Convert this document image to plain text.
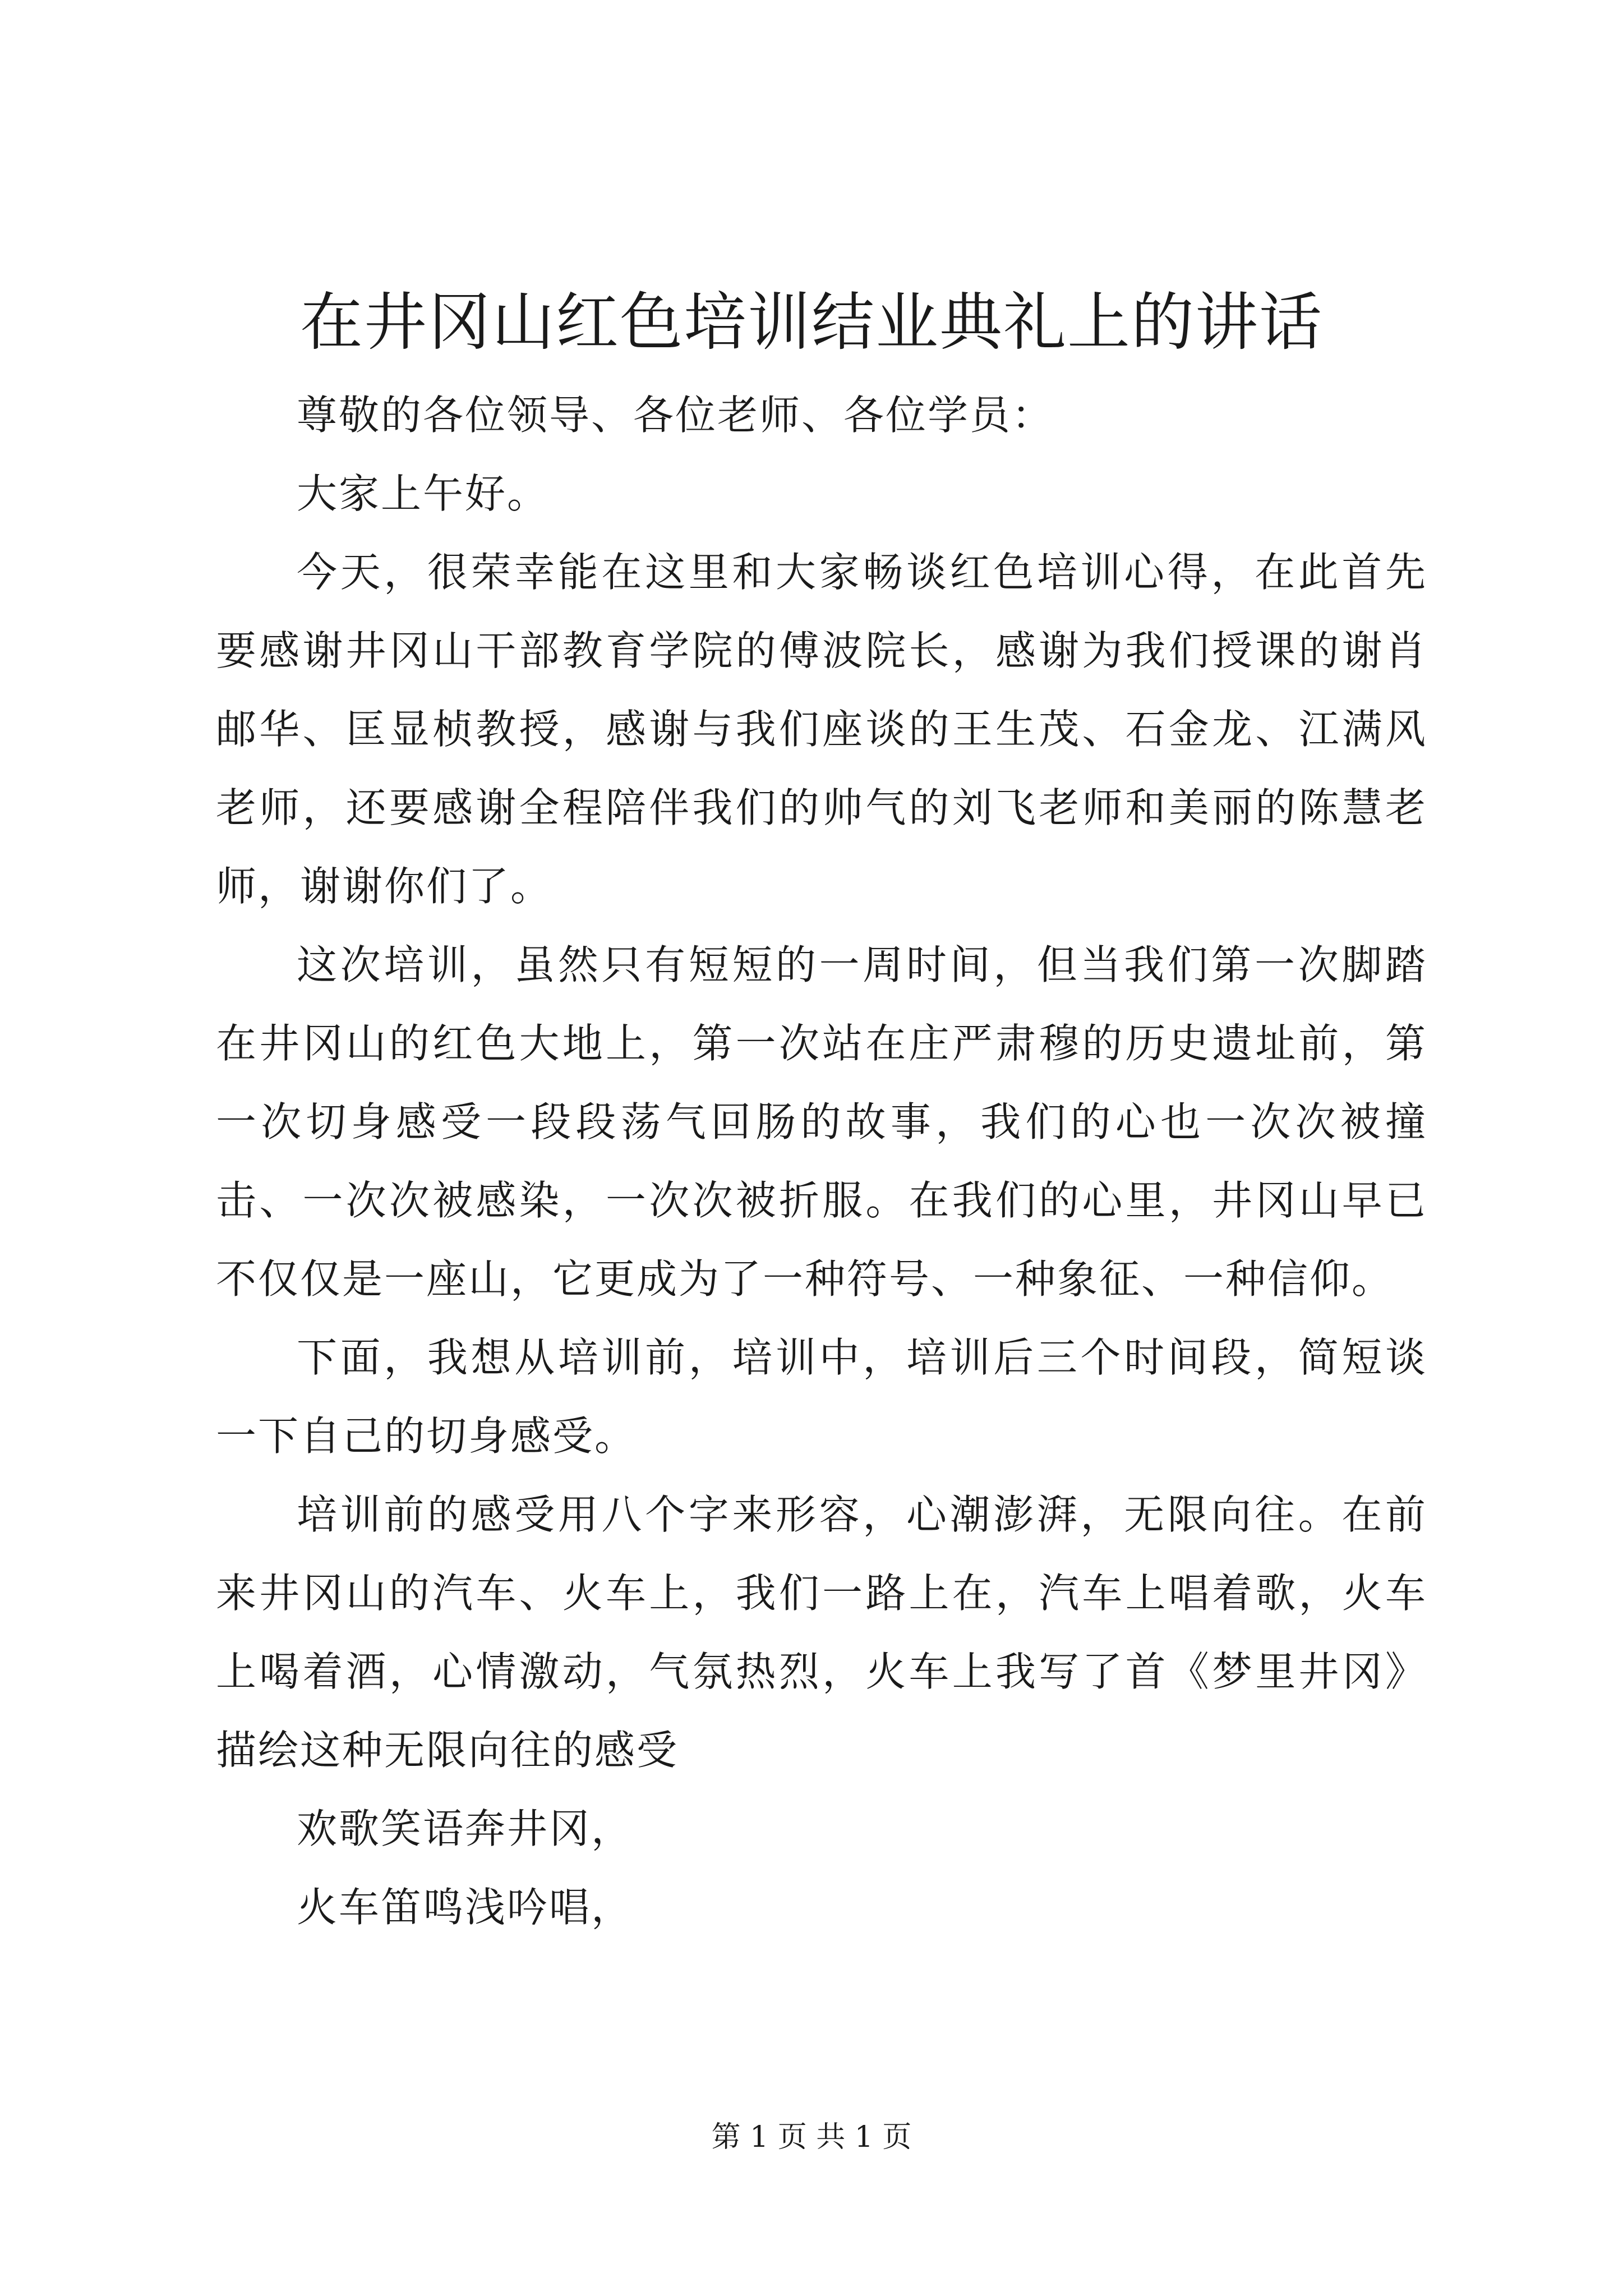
在井冈山红色培训结业典礼上的讲话

尊敬的各位领导、各位老师、各位学员：

大家上午好。

今天，很荣幸能在这里和大家畅谈红色培训心得，在此首先要感谢井冈山干部教育学院的傅波院长，感谢为我们授课的谢肖邮华、匡显桢教授，感谢与我们座谈的王生茂、石金龙、江满风老师，还要感谢全程陪伴我们的帅气的刘飞老师和美丽的陈慧老师，谢谢你们了。

这次培训，虽然只有短短的一周时间，但当我们第一次脚踏在井冈山的红色大地上，第一次站在庄严肃穆的历史遗址前，第一次切身感受一段段荡气回肠的故事，我们的心也一次次被撞击、一次次被感染，一次次被折服。在我们的心里，井冈山早已不仅仅是一座山，它更成为了一种符号、一种象征、一种信仰。

下面，我想从培训前，培训中，培训后三个时间段，简短谈一下自己的切身感受。

培训前的感受用八个字来形容，心潮澎湃，无限向往。在前来井冈山的汽车、火车上，我们一路上在，汽车上唱着歌，火车上喝着酒，心情激动，气氛热烈，火车上我写了首《梦里井冈》描绘这种无限向往的感受

欢歌笑语奔井冈，

火车笛鸣浅吟唱，

第 1 页 共 1 页
